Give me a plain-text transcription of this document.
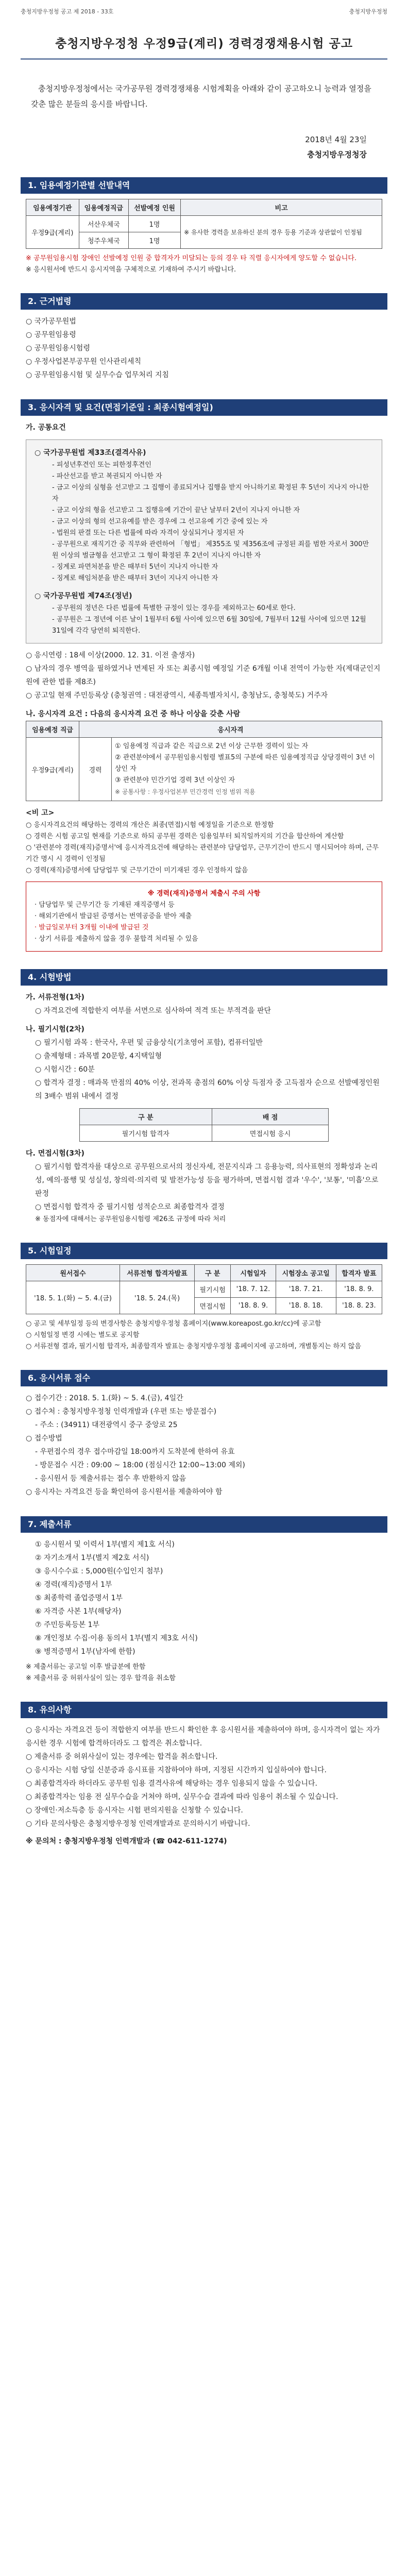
충청지방우정청 공고 제 2018 - 33호	충청지방우정청
충청지방우정청 우정9급(계리) 경력경쟁채용시험 공고

충청지방우정청에서는 국가공무원 경력경쟁채용 시험계획을 아래와 같이 공고하오니 능력과 열정을 갖춘 많은 분들의 응시를 바랍니다.

2018년 4월 23일
충청지방우정청장
1. 임용예정기관별 선발내역
임용예정기관	임용예정직급	선발예정 인원	비고
우정9급(계리)	서산우체국	1명	※ 유사한 경력을 보유하신 분의 경우 등용 기준과 상관없이 인정됨
	청주우체국	1명	

※ 공무원임용시험 장애인 선발예정 인원 중 합격자가 미달되는 등의 경우 타 직렬 응시자에게 양도할 수 없습니다.

※ 응시원서에 반드시 응시지역을 구체적으로 기재하여 주시기 바랍니다.

2. 근거법령

○ 국가공무원법

○ 공무원임용령

○ 공무원임용시험령

○ 우정사업본부공무원 인사관리세칙

○ 공무원임용시험 및 실무수습 업무처리 지침

3. 응시자격 및 요건(면접기준일 : 최종시험예정일)

가. 공통요건

○ 국가공무원법 제33조(결격사유)

- 피성년후견인 또는 피한정후견인

- 파산선고를 받고 복권되지 아니한 자

- 금고 이상의 실형을 선고받고 그 집행이 종료되거나 집행을 받지 아니하기로 확정된 후 5년이 지나지 아니한 자

- 금고 이상의 형을 선고받고 그 집행유예 기간이 끝난 날부터 2년이 지나지 아니한 자

- 금고 이상의 형의 선고유예를 받은 경우에 그 선고유예 기간 중에 있는 자

- 법원의 판결 또는 다른 법률에 따라 자격이 상실되거나 정지된 자

- 공무원으로 재직기간 중 직무와 관련하여 「형법」 제355조 및 제356조에 규정된 죄를 범한 자로서 300만원 이상의 벌금형을 선고받고 그 형이 확정된 후 2년이 지나지 아니한 자

- 징계로 파면처분을 받은 때부터 5년이 지나지 아니한 자

- 징계로 해임처분을 받은 때부터 3년이 지나지 아니한 자

○ 국가공무원법 제74조(정년)

- 공무원의 정년은 다른 법률에 특별한 규정이 있는 경우를 제외하고는 60세로 한다.

- 공무원은 그 정년에 이른 날이 1월부터 6월 사이에 있으면 6월 30일에, 7월부터 12월 사이에 있으면 12월 31일에 각각 당연히 퇴직한다.

○ 응시연령 : 18세 이상(2000. 12. 31. 이전 출생자)

○ 남자의 경우 병역을 필하였거나 면제된 자 또는 최종시험 예정일 기준 6개월 이내 전역이 가능한 자(제대군인지원에 관한 법률 제8조)

○ 공고일 현재 주민등록상 (충청권역 : 대전광역시, 세종특별자치시, 충청남도, 충청북도) 거주자

나. 응시자격 요건 : 다음의 응시자격 요건 중 하나 이상을 갖춘 사람

임용예정 직급	응시자격	
우정9급(계리)	경력	① 임용예정 직급과 같은 직급으로 2년 이상 근무한 경력이 있는 자
② 관련분야에서 공무원임용시험령 별표5의 구분에 따른 임용예정직급 상당경력이 3년 이상인 자
③ 관련분야 민간기업 경력 3년 이상인 자
※ 공통사항 : 우정사업본부 민간경력 인정 범위 적용

<비 고>

○ 응시자격요건의 해당하는 경력의 개산은 최종(면접)시험 예정일을 기준으로 한정함

○ 경력은 시험 공고일 현재를 기준으로 하되 공무원 경력은 임용일부터 퇴직일까지의 기간을 합산하여 계산함

○ '관련분야 경력(재직)증명서'에 응시자격요건에 해당하는 관련분야 담당업무, 근무기간이 반드시 명시되어야 하며, 근무기간 명시 시 경력이 인정됨

○ 경력(재직)증명서에 담당업무 및 근무기간이 미기재된 경우 인정하지 않음

※ 경력(재직)증명서 제출시 주의 사항

· 담당업무 및 근무기간 등 기재된 재직증명서 등

· 해외기관에서 발급된 증명서는 번역공증을 받아 제출

· 발급일로부터 3개월 이내에 발급된 것

· 상기 서류를 제출하지 않을 경우 불합격 처리될 수 있음

4. 시험방법

가. 서류전형(1차)

○ 자격요건에 적합한지 여부를 서면으로 심사하여 적격 또는 부적격을 판단

나. 필기시험(2차)

○ 필기시험 과목 : 한국사, 우편 및 금융상식(기초영어 포함), 컴퓨터일반

○ 출제형태 : 과목별 20문항, 4지택일형

○ 시험시간 : 60분

○ 합격자 결정 : 매과목 만점의 40% 이상, 전과목 총점의 60% 이상 득점자 중 고득점자 순으로 선발예정인원의 3배수 범위 내에서 결정

구 분	배 점
필기시험 합격자	면접시험 응시

다. 면접시험(3차)

○ 필기시험 합격자를 대상으로 공무원으로서의 정신자세, 전문지식과 그 응용능력, 의사표현의 정확성과 논리성, 예의·품행 및 성실성, 창의력·의지력 및 발전가능성 등을 평가하며, 면접시험 결과 '우수', '보통', '미흡'으로 판정

○ 면접시험 합격자 중 필기시험 성적순으로 최종합격자 결정

※ 동점자에 대해서는 공무원임용시험령 제26조 규정에 따라 처리

5. 시험일정
원서접수	서류전형 합격자발표	구 분	시험일자	시험장소 공고일	합격자 발표
'18. 5. 1.(화) ~ 5. 4.(금)	'18. 5. 24.(목)	필기시험	'18. 7. 12.	'18. 7. 21.	'18. 8. 9.
		면접시험	'18. 8. 9.	'18. 8. 18.	'18. 8. 23.

○ 공고 및 세부일정 등의 변경사항은 충청지방우정청 홈페이지(www.koreapost.go.kr/cc)에 공고함

○ 시험일정 변경 시에는 별도로 공지함

○ 서류전형 결과, 필기시험 합격자, 최종합격자 발표는 충청지방우정청 홈페이지에 공고하며, 개별통지는 하지 않음

6. 응시서류 접수

○ 접수기간 : 2018. 5. 1.(화) ~ 5. 4.(금), 4일간

○ 접수처 : 충청지방우정청 인력개발과 (우편 또는 방문접수)

- 주소 : (34911) 대전광역시 중구 중앙로 25

○ 접수방법

- 우편접수의 경우 접수마감일 18:00까지 도착분에 한하여 유효

- 방문접수 시간 : 09:00 ~ 18:00 (점심시간 12:00~13:00 제외)

- 응시원서 등 제출서류는 접수 후 반환하지 않음

○ 응시자는 자격요건 등을 확인하여 응시원서를 제출하여야 함

7. 제출서류

① 응시원서 및 이력서 1부(별지 제1호 서식)

② 자기소개서 1부(별지 제2호 서식)

③ 응시수수료 : 5,000원(수입인지 첨부)

④ 경력(재직)증명서 1부

⑤ 최종학력 졸업증명서 1부

⑥ 자격증 사본 1부(해당자)

⑦ 주민등록등본 1부

⑧ 개인정보 수집·이용 동의서 1부(별지 제3호 서식)

⑨ 병적증명서 1부(남자에 한함)

※ 제출서류는 공고일 이후 발급분에 한함

※ 제출서류 중 허위사실이 있는 경우 합격을 취소함

8. 유의사항

○ 응시자는 자격요건 등이 적합한지 여부를 반드시 확인한 후 응시원서를 제출하여야 하며, 응시자격이 없는 자가 응시한 경우 시험에 합격하더라도 그 합격은 취소합니다.

○ 제출서류 중 허위사실이 있는 경우에는 합격을 취소합니다.

○ 응시자는 시험 당일 신분증과 응시표를 지참하여야 하며, 지정된 시간까지 입실하여야 합니다.

○ 최종합격자라 하더라도 공무원 임용 결격사유에 해당하는 경우 임용되지 않을 수 있습니다.

○ 최종합격자는 임용 전 실무수습을 거쳐야 하며, 실무수습 결과에 따라 임용이 취소될 수 있습니다.

○ 장애인·저소득층 등 응시자는 시험 편의지원을 신청할 수 있습니다.

○ 기타 문의사항은 충청지방우정청 인력개발과로 문의하시기 바랍니다.

※ 문의처 : 충청지방우정청 인력개발과 (☎ 042-611-1274)
